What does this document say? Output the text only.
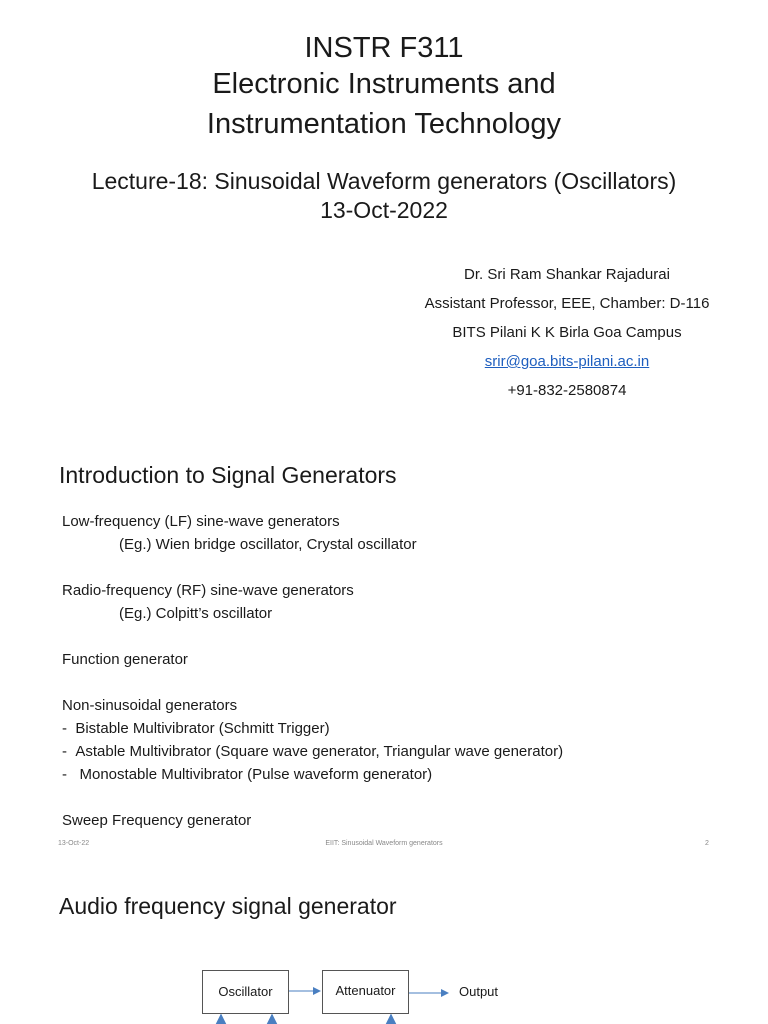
INSTR F311
Electronic Instruments and
Instrumentation Technology
Lecture-18: Sinusoidal Waveform generators (Oscillators)
13-Oct-2022
Dr. Sri Ram Shankar Rajadurai
Assistant Professor, EEE, Chamber: D-116
BITS Pilani K K Birla Goa Campus
srir@goa.bits-pilani.ac.in
+91-832-2580874
Introduction to Signal Generators
Low-frequency (LF) sine-wave generators
(Eg.) Wien bridge oscillator, Crystal oscillator
Radio-frequency (RF) sine-wave generators
(Eg.) Colpitt’s oscillator
Function generator
Non-sinusoidal generators
-  Bistable Multivibrator (Schmitt Trigger)
-  Astable Multivibrator (Square wave generator, Triangular wave generator)
-   Monostable Multivibrator (Pulse waveform generator)
Sweep Frequency generator
13-Oct-22	EIIT: Sinusoidal Waveform generators	2
Audio frequency signal generator
Oscillator	Attenuator	Output
